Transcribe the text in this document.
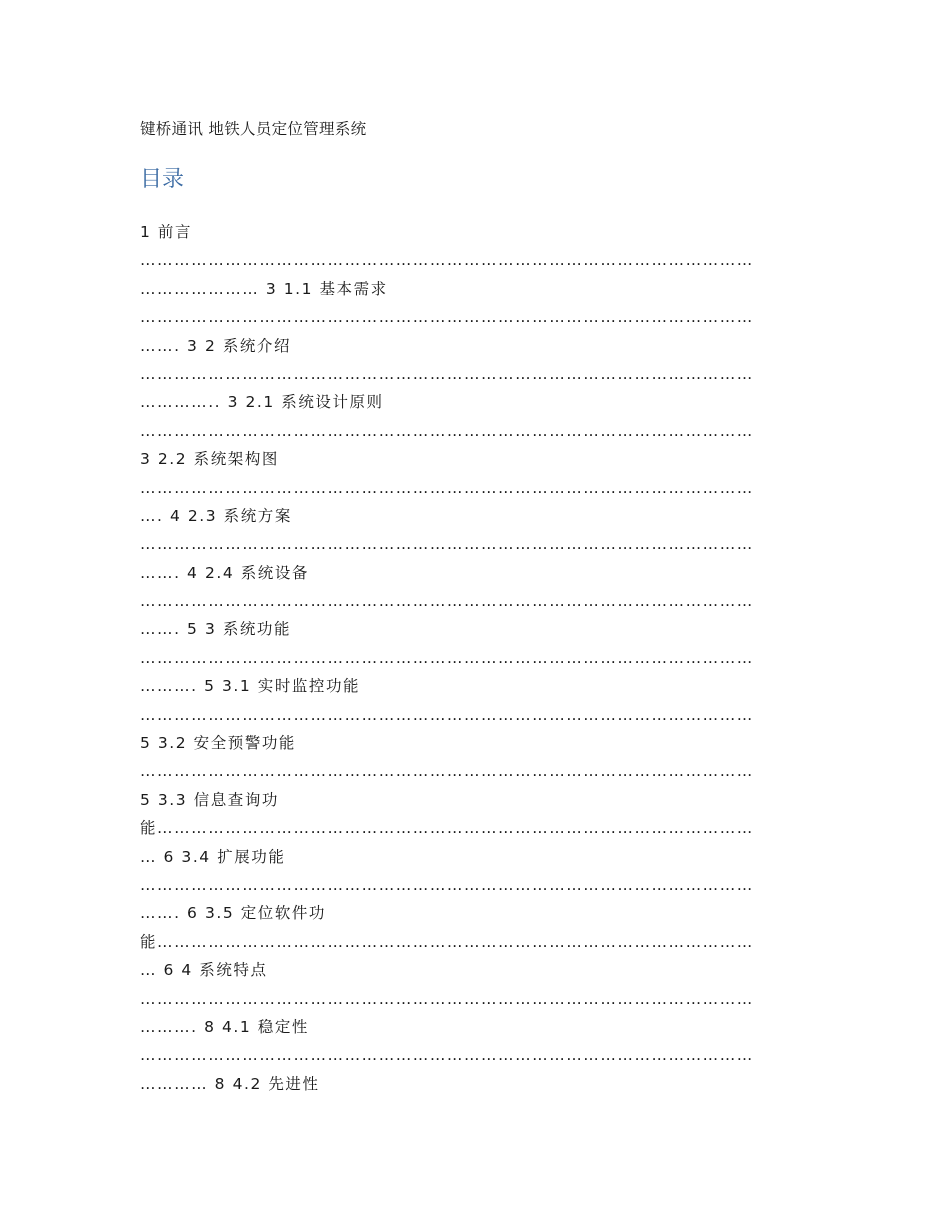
键桥通讯 地铁人员定位管理系统
目录
1 前言
………………………………………………………………………………………………
………………… 3 1.1 基本需求
………………………………………………………………………………………………
……. 3 2 系统介绍
………………………………………………………………………………………………
………….. 3 2.1 系统设计原则
………………………………………………………………………………………………
3 2.2 系统架构图
………………………………………………………………………………………………
…. 4 2.3 系统方案
………………………………………………………………………………………………
……. 4 2.4 系统设备
………………………………………………………………………………………………
……. 5 3 系统功能
………………………………………………………………………………………………
………. 5 3.1 实时监控功能
………………………………………………………………………………………………
5 3.2 安全预警功能
………………………………………………………………………………………………
5 3.3 信息查询功
能……………………………………………………………………………………………
… 6 3.4 扩展功能
………………………………………………………………………………………………
……. 6 3.5 定位软件功
能……………………………………………………………………………………………
… 6 4 系统特点
………………………………………………………………………………………………
………. 8 4.1 稳定性
………………………………………………………………………………………………
………… 8 4.2 先进性
